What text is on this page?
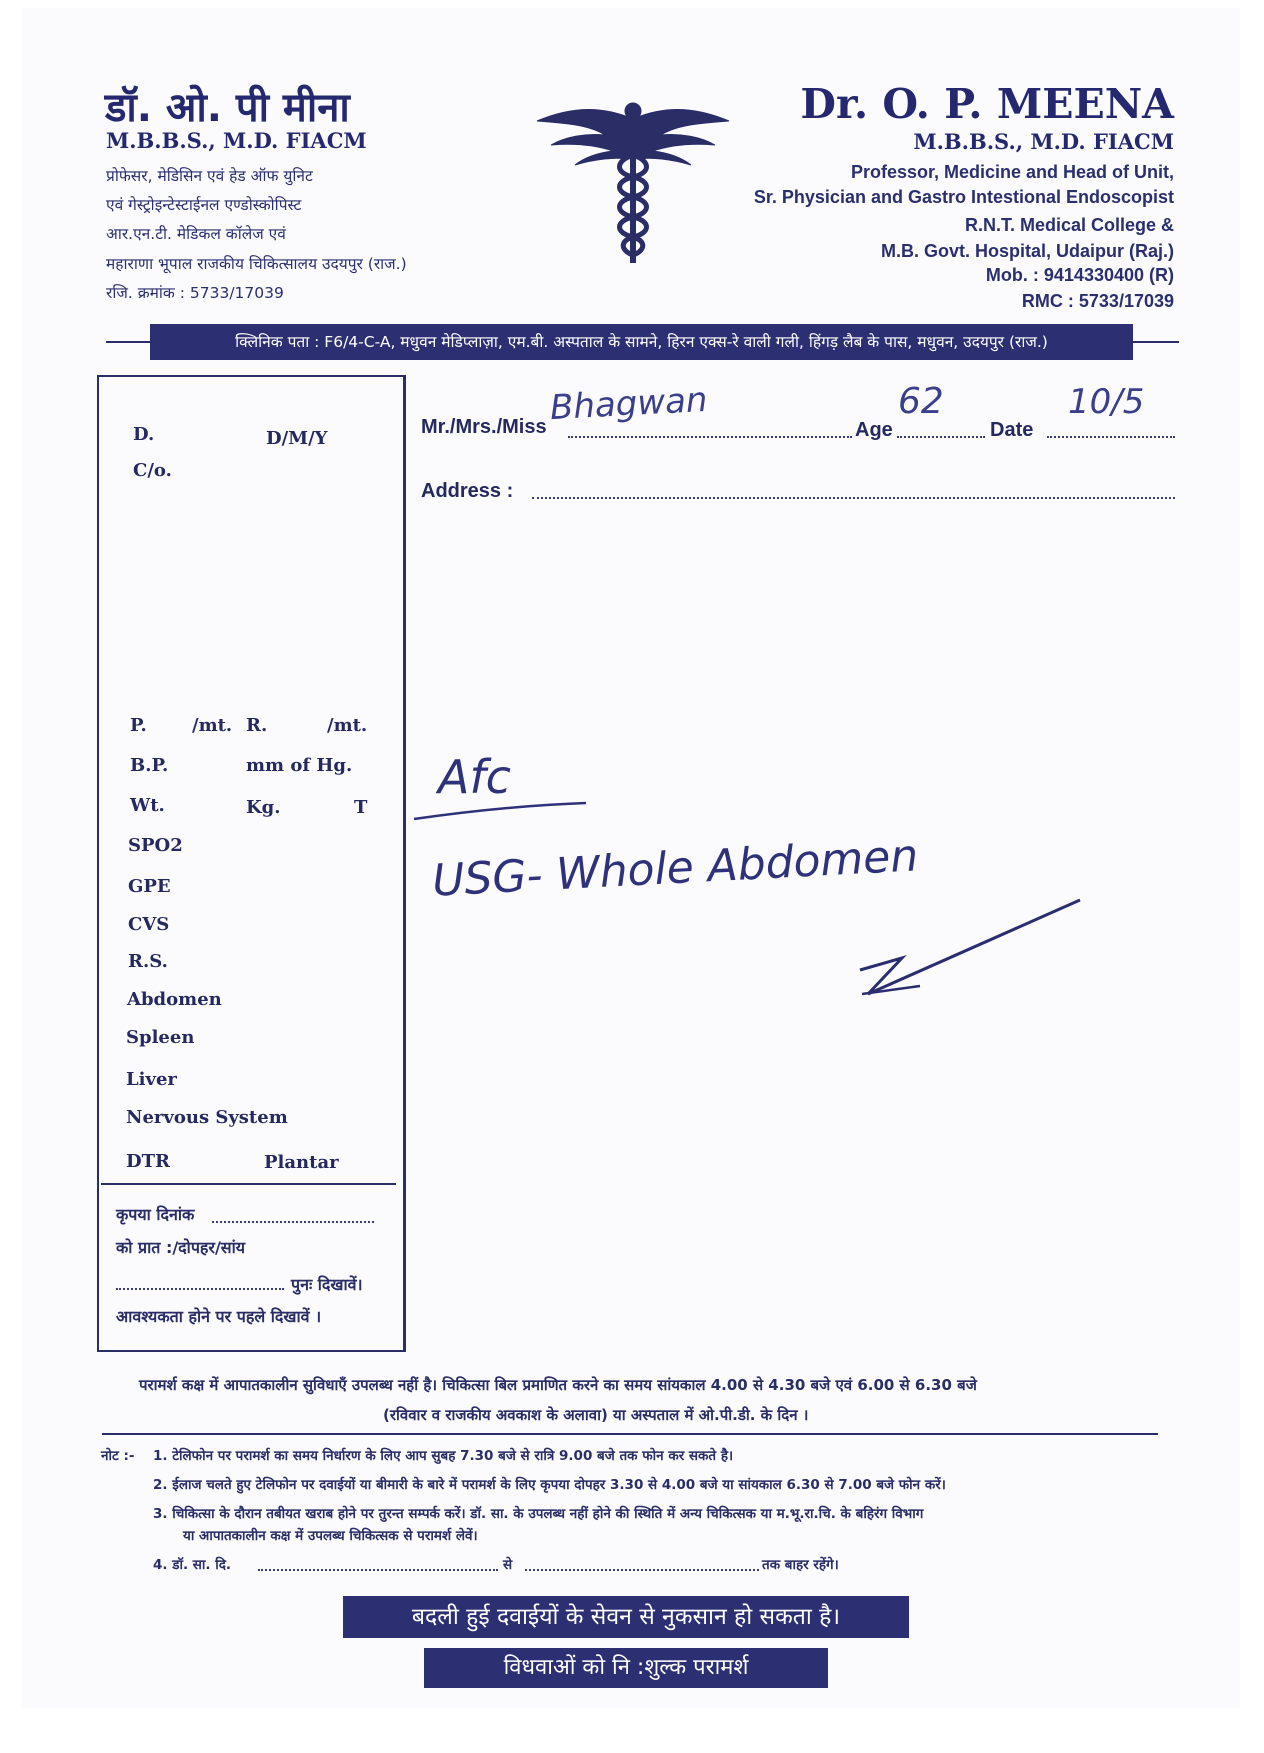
डॉ. ओ. पी मीना
M.B.B.S., M.D. FIACM
प्रोफेसर, मेडिसिन एवं हेड ऑफ युनिट
एवं गेस्ट्रोइन्टेस्टाईनल एण्डोस्कोपिस्ट
आर.एन.टी. मेडिकल कॉलेज एवं
महाराणा भूपाल राजकीय चिकित्सालय उदयपुर (राज.)
रजि. क्रमांक : 5733/17039
Dr. O. P. MEENA
M.B.B.S., M.D. FIACM
Professor, Medicine and Head of Unit,
Sr. Physician and Gastro Intestional Endoscopist
R.N.T. Medical College &
M.B. Govt. Hospital, Udaipur (Raj.)
Mob. : 9414330400 (R)
RMC : 5733/17039
क्लिनिक पता : F6/4-C-A, मधुवन मेडिप्लाज़ा, एम.बी. अस्पताल के सामने, हिरन एक्स-रे वाली गली, हिंगड़ लैब के पास, मधुवन, उदयपुर (राज.)
D.	D/M/Y
C/o.
P.	/mt. R.	/mt.
B.P.	mm of Hg.
Wt.	Kg.	T
SPO2
GPE
CVS
R.S.
Abdomen
Spleen
Liver
Nervous System
DTR	Plantar
कृपया दिनांक
को प्रात :/दोपहर/सांय
पुनः दिखावें।
आवश्यकता होने पर पहले दिखावें ।
Mr./Mrs./Miss Bhagwan
Age
62
Date
10/5
Address :
Afc
USG- Whole Abdomen
परामर्श कक्ष में आपातकालीन सुविधाएँ उपलब्ध नहीं है। चिकित्सा बिल प्रमाणित करने का समय सांयकाल 4.00 से 4.30 बजे एवं 6.00 से 6.30 बजे
(रविवार व राजकीय अवकाश के अलावा) या अस्पताल में ओ.पी.डी. के दिन ।
नोट :- 1. टेलिफोन पर परामर्श का समय निर्धारण के लिए आप सुबह 7.30 बजे से रात्रि 9.00 बजे तक फोन कर सकते है।
2. ईलाज चलते हुए टेलिफोन पर दवाईयों या बीमारी के बारे में परामर्श के लिए कृपया दोपहर 3.30 से 4.00 बजे या सांयकाल 6.30 से 7.00 बजे फोन करें।
3. चिकित्सा के दौरान तबीयत खराब होने पर तुरन्त सम्पर्क करें। डॉ. सा. के उपलब्ध नहीं होने की स्थिति में अन्य चिकित्सक या म.भू.रा.चि. के बहिरंग विभाग
या आपातकालीन कक्ष में उपलब्ध चिकित्सक से परामर्श लेवें।
4. डॉ. सा. दि.	से	तक बाहर रहेंगे।
बदली हुई दवाईयों के सेवन से नुकसान हो सकता है।
विधवाओं को नि :शुल्क परामर्श
